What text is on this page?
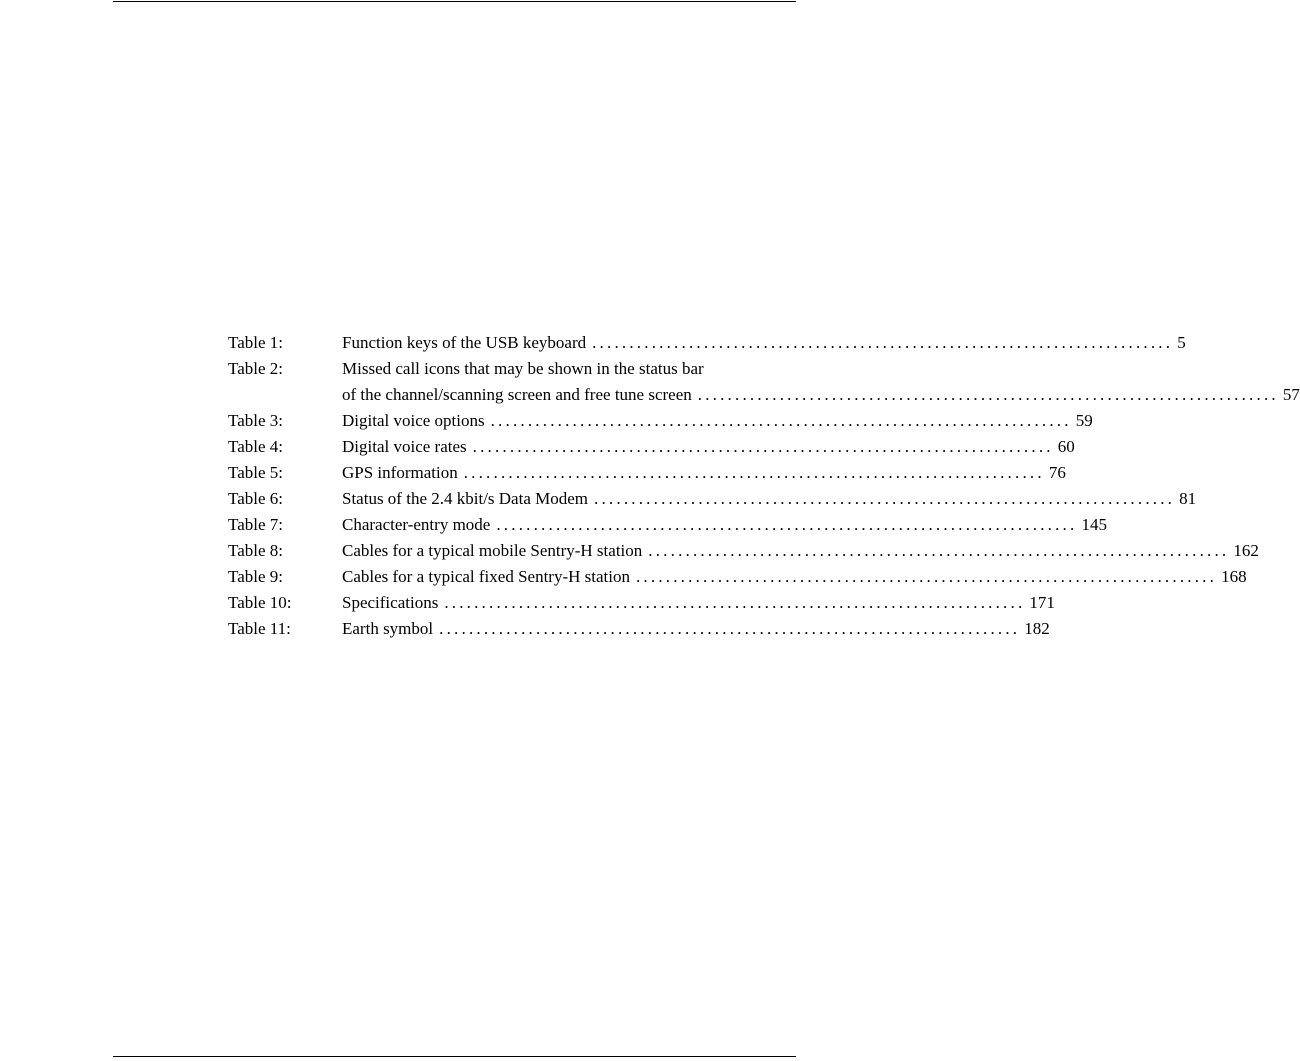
Table 1:	Function keys of the USB keyboard .............................................................................. 5
Table 2:	Missed call icons that may be shown in the status bar
of the channel/scanning screen and free tune screen .............................................................................. 57
Table 3:	Digital voice options .............................................................................. 59
Table 4:	Digital voice rates .............................................................................. 60
Table 5:	GPS information .............................................................................. 76
Table 6:	Status of the 2.4 kbit/s Data Modem .............................................................................. 81
Table 7:	Character-entry mode .............................................................................. 145
Table 8:	Cables for a typical mobile Sentry-H station .............................................................................. 162
Table 9:	Cables for a typical fixed Sentry-H station .............................................................................. 168
Table 10:	Specifications .............................................................................. 171
Table 11:	Earth symbol .............................................................................. 182
